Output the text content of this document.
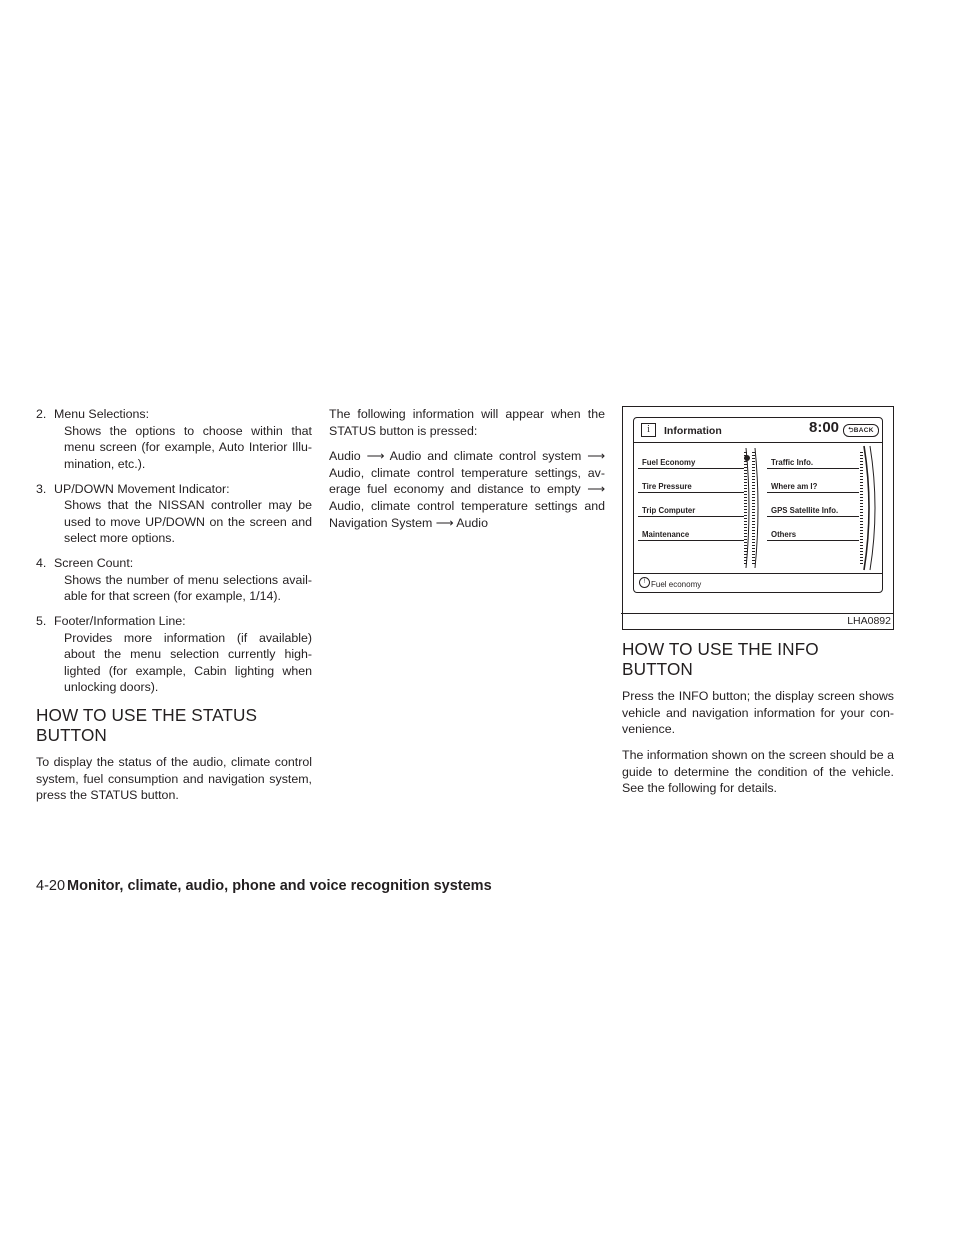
2. Menu Selections:
Shows the options to choose within that menu screen (for example, Auto Interior Illu- mination, etc.).
3. UP/DOWN Movement Indicator:
Shows that the NISSAN controller may be used to move UP/DOWN on the screen and select more options.
4. Screen Count:
Shows the number of menu selections avail- able for that screen (for example, 1/14).
5. Footer/Information Line:
Provides more information (if available) about the menu selection currently high- lighted (for example, Cabin lighting when unlocking doors).
HOW TO USE THE STATUS BUTTON

To display the status of the audio, climate control system, fuel consumption and navigation system, press the STATUS button.

The following information will appear when the STATUS button is pressed:

Audio ⟶ Audio and climate control system ⟶ Audio, climate control temperature settings, av- erage fuel economy and distance to empty ⟶ Audio, climate control temperature settings and Navigation System ⟶ Audio

i	Information	8:00	⮌BACK
Fuel Economy
Tire Pressure
Trip Computer
Maintenance
Traffic Info.
Where am I?
GPS Satellite Info.
Others
! Fuel economy
LHA0892
HOW TO USE THE INFO BUTTON

Press the INFO button; the display screen shows vehicle and navigation information for your con- venience.

The information shown on the screen should be a guide to determine the condition of the vehicle. See the following for details.

4-20 Monitor, climate, audio, phone and voice recognition systems
